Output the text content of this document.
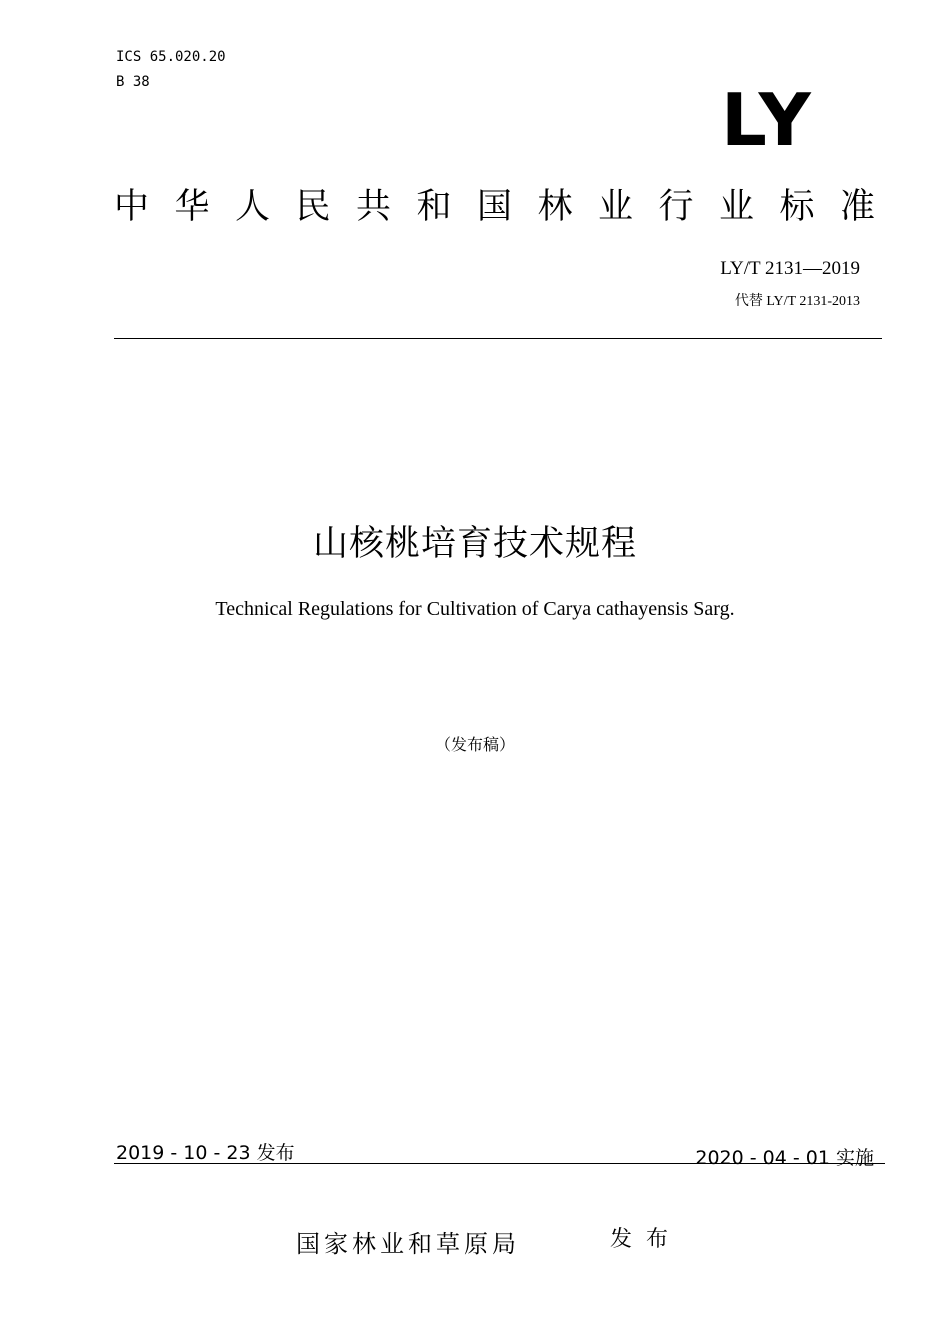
ICS 65.020.20
B 38	LY
中华人民共和国林业行业标准
LY/T 2131—2019
代替 LY/T 2131-2013
山核桃培育技术规程
Technical Regulations for Cultivation of Carya cathayensis Sarg.
（发布稿）
2019 - 10 - 23 发布	2020 - 04 - 01 实施
国家林业和草原局	发布
